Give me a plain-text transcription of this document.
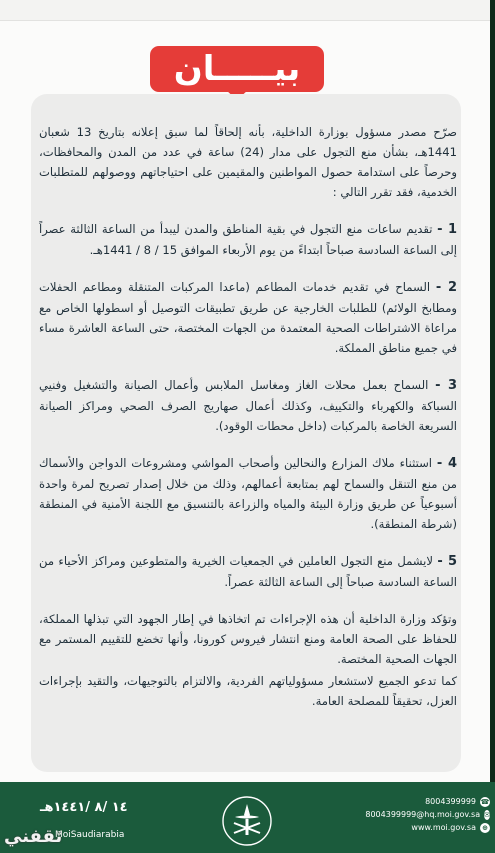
بيـــــان

صرّح مصدر مسؤول بوزارة الداخلية، بأنه إلحاقاً لما سبق إعلانه بتاريخ 13 شعبان 1441هـ، بشأن منع التجول على مدار (24) ساعة في عدد من المدن والمحافظات، وحرصاً على استدامة حصول المواطنين والمقيمين على احتياجاتهم ووصولهم للمتطلبات الخدمية، فقد تقرر التالي :

1 - تقديم ساعات منع التجول في بقية المناطق والمدن ليبدأ من الساعة الثالثة عصراً إلى الساعة السادسة صباحاً ابتداءً من يوم الأربعاء الموافق 15 / 8 / 1441هـ.

2 - السماح في تقديم خدمات المطاعم (ماعدا المركبات المتنقلة ومطاعم الحفلات ومطابخ الولائم) للطلبات الخارجية عن طريق تطبيقات التوصيل أو اسطولها الخاص مع مراعاة الاشتراطات الصحية المعتمدة من الجهات المختصة، حتى الساعة العاشرة مساء في جميع مناطق المملكة.

3 - السماح بعمل محلات الغاز ومغاسل الملابس وأعمال الصيانة والتشغيل وفنيي السباكة والكهرباء والتكييف، وكذلك أعمال صهاريج الصرف الصحي ومراكز الصيانة السريعة الخاصة بالمركبات (داخل محطات الوقود).

4 - استثناء ملاك المزارع والنحالين وأصحاب المواشي ومشروعات الدواجن والأسماك من منع التنقل والسماح لهم بمتابعة أعمالهم، وذلك من خلال إصدار تصريح لمرة واحدة أسبوعياً عن طريق وزارة البيئة والمياه والزراعة بالتنسيق مع اللجنة الأمنية في المنطقة (شرطة المنطقة).

5 - لايشمل منع التجول العاملين في الجمعيات الخيرية والمتطوعين ومراكز الأحياء من الساعة السادسة صباحاً إلى الساعة الثالثة عصراً.

وتؤكد وزارة الداخلية أن هذه الإجراءات تم اتخاذها في إطار الجهود التي تبذلها المملكة، للحفاظ على الصحة العامة ومنع انتشار فيروس كورونا، وأنها تخضع للتقييم المستمر مع الجهات الصحية المختصة.

كما تدعو الجميع لاستشعار مسؤولياتهم الفردية، والالتزام بالتوجيهات، والتقيد بإجراءات العزل، تحقيقاً للمصلحة العامة.

8004399999 ☎
8004399999@hq.moi.gov.sa ✉
www.moi.gov.sa ⊕
١٤ /٨ /١٤٤١هـ
MoiSaudiarabia
ثقفني
